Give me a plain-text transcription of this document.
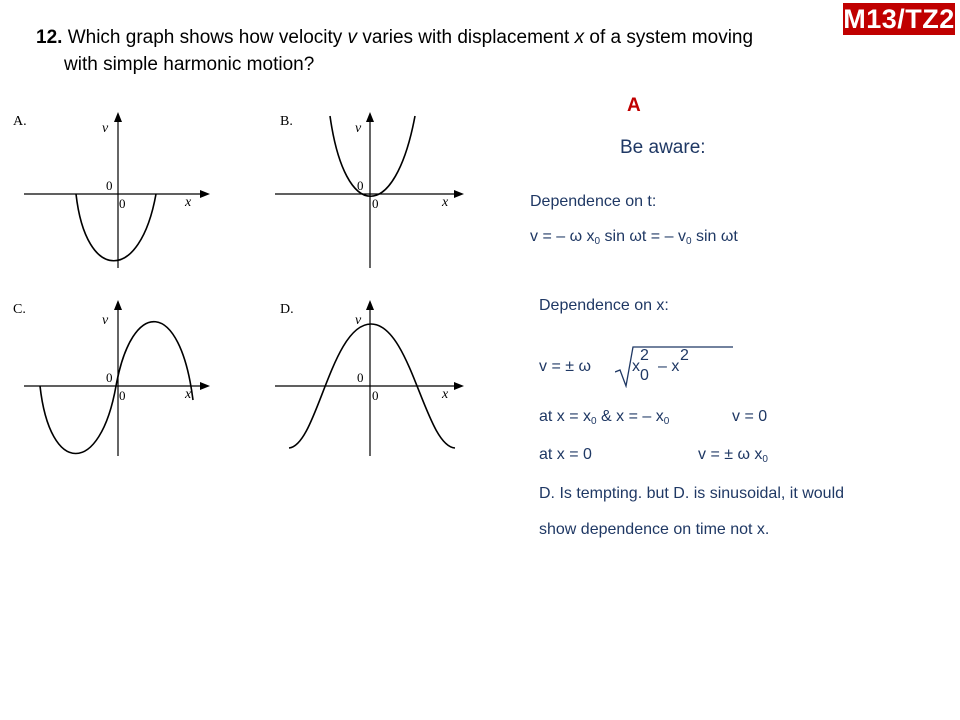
M13/TZ2
12. Which graph shows how velocity v varies with displacement x of a system moving
with simple harmonic motion?
A
Be aware:
A.	v
0
0	x
B.	v
0
0	x
C.
v
0
0	x
D.
v
0
0	x
Dependence on t:
v = – ω $x_0$ sin ωt = – $v_0$ sin ωt
Dependence on x:
v = ± ω	x
2
0
– x
2
at $x = x_0$ & x = – $x_0$	v = 0
at x = 0	v = ± ω $x_0$
D. Is tempting. but D. is sinusoidal, it would
show dependence on time not x.
